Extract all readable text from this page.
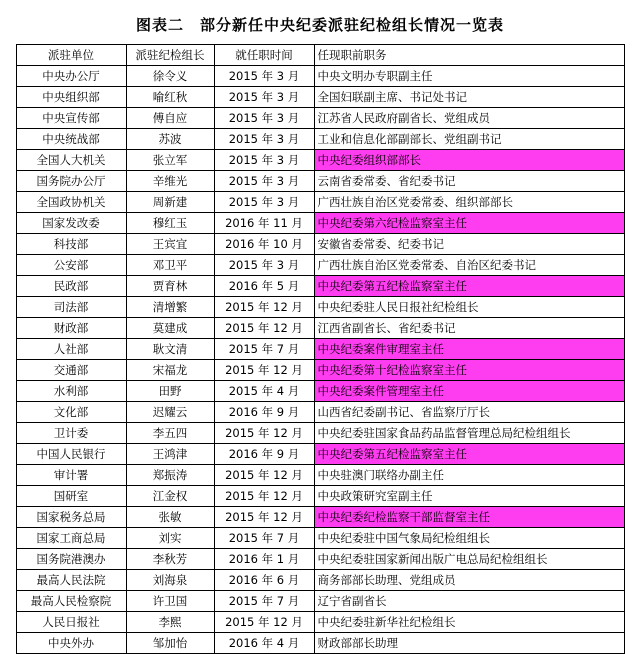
图表二　部分新任中央纪委派驻纪检组长情况一览表
派驻单位	派驻纪检组长	就任职时间	任现职前职务
中央办公厅	徐令义	2015 年 3 月	中央文明办专职副主任
中央组织部	喻红秋	2015 年 3 月	全国妇联副主席、书记处书记
中央宣传部	傅自应	2015 年 3 月	江苏省人民政府副省长、党组成员
中央统战部	苏波	2015 年 3 月	工业和信息化部副部长、党组副书记
全国人大机关	张立军	2015 年 3 月	中央纪委组织部部长
国务院办公厅	辛维光	2015 年 3 月	云南省委常委、省纪委书记
全国政协机关	周新建	2015 年 3 月	广西壮族自治区党委常委、组织部部长
国家发改委	穆红玉	2016 年 11 月	中央纪委第六纪检监察室主任
科技部	王宾宜	2016 年 10 月	安徽省委常委、纪委书记
公安部	邓卫平	2015 年 3 月	广西壮族自治区党委常委、自治区纪委书记
民政部	贾育林	2016 年 5 月	中央纪委第五纪检监察室主任
司法部	清增繁	2015 年 12 月	中央纪委驻人民日报社纪检组长
财政部	莫建成	2015 年 12 月	江西省副省长、省纪委书记
人社部	耿文清	2015 年 7 月	中央纪委案件审理室主任
交通部	宋福龙	2015 年 12 月	中央纪委第十纪检监察室主任
水利部	田野	2015 年 4 月	中央纪委案件管理室主任
文化部	迟耀云	2016 年 9 月	山西省纪委副书记、省监察厅厅长
卫计委	李五四	2015 年 12 月	中央纪委驻国家食品药品监督管理总局纪检组组长
中国人民银行	王鸿津	2016 年 9 月	中央纪委第五纪检监察室主任
审计署	郑振涛	2015 年 12 月	中央驻澳门联络办副主任
国研室	江金权	2015 年 12 月	中央政策研究室副主任
国家税务总局	张敏	2015 年 12 月	中央纪委纪检监察干部监督室主任
国家工商总局	刘实	2015 年 7 月	中央纪委驻中国气象局纪检组组长
国务院港澳办	李秋芳	2016 年 1 月	中央纪委驻国家新闻出版广电总局纪检组组长
最高人民法院	刘海泉	2016 年 6 月	商务部部长助理、党组成员
最高人民检察院	许卫国	2015 年 7 月	辽宁省副省长
人民日报社	李熙	2015 年 12 月	中央纪委驻新华社纪检组长
中央外办	邹加怡	2016 年 4 月	财政部部长助理
